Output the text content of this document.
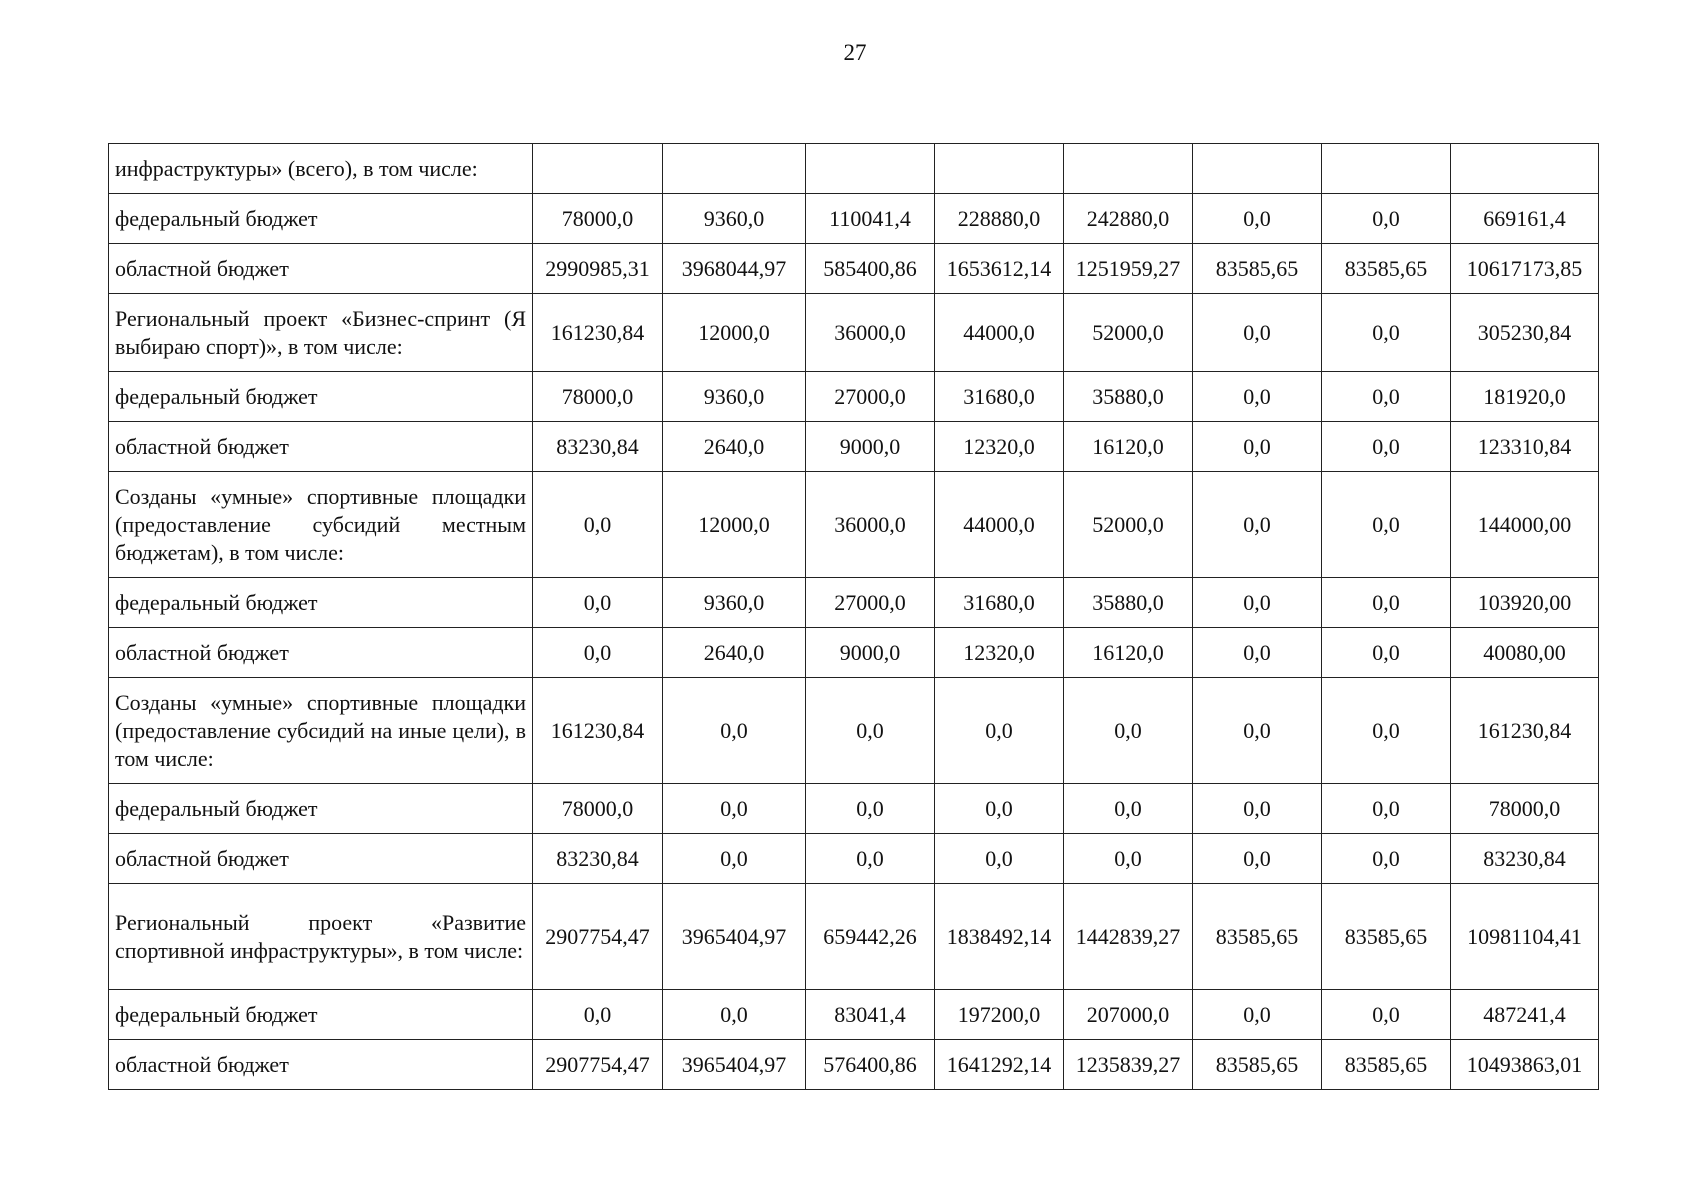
27
инфраструктуры» (всего), в том числе:								
федеральный бюджет	78000,0	9360,0	110041,4	228880,0	242880,0	0,0	0,0	669161,4
областной бюджет	2990985,31	3968044,97	585400,86	1653612,14	1251959,27	83585,65	83585,65	10617173,85
Региональный проект «Бизнес-спринт (Я выбираю спорт)», в том числе:	161230,84	12000,0	36000,0	44000,0	52000,0	0,0	0,0	305230,84
федеральный бюджет	78000,0	9360,0	27000,0	31680,0	35880,0	0,0	0,0	181920,0
областной бюджет	83230,84	2640,0	9000,0	12320,0	16120,0	0,0	0,0	123310,84
Созданы «умные» спортивные площадки (предоставление субсидий местным бюджетам), в том числе:	0,0	12000,0	36000,0	44000,0	52000,0	0,0	0,0	144000,00
федеральный бюджет	0,0	9360,0	27000,0	31680,0	35880,0	0,0	0,0	103920,00
областной бюджет	0,0	2640,0	9000,0	12320,0	16120,0	0,0	0,0	40080,00
Созданы «умные» спортивные площадки (предоставление субсидий на иные цели), в том числе:	161230,84	0,0	0,0	0,0	0,0	0,0	0,0	161230,84
федеральный бюджет	78000,0	0,0	0,0	0,0	0,0	0,0	0,0	78000,0
областной бюджет	83230,84	0,0	0,0	0,0	0,0	0,0	0,0	83230,84
Региональный проект «Развитие спортивной инфраструктуры», в том числе:	2907754,47	3965404,97	659442,26	1838492,14	1442839,27	83585,65	83585,65	10981104,41
федеральный бюджет	0,0	0,0	83041,4	197200,0	207000,0	0,0	0,0	487241,4
областной бюджет	2907754,47	3965404,97	576400,86	1641292,14	1235839,27	83585,65	83585,65	10493863,01
